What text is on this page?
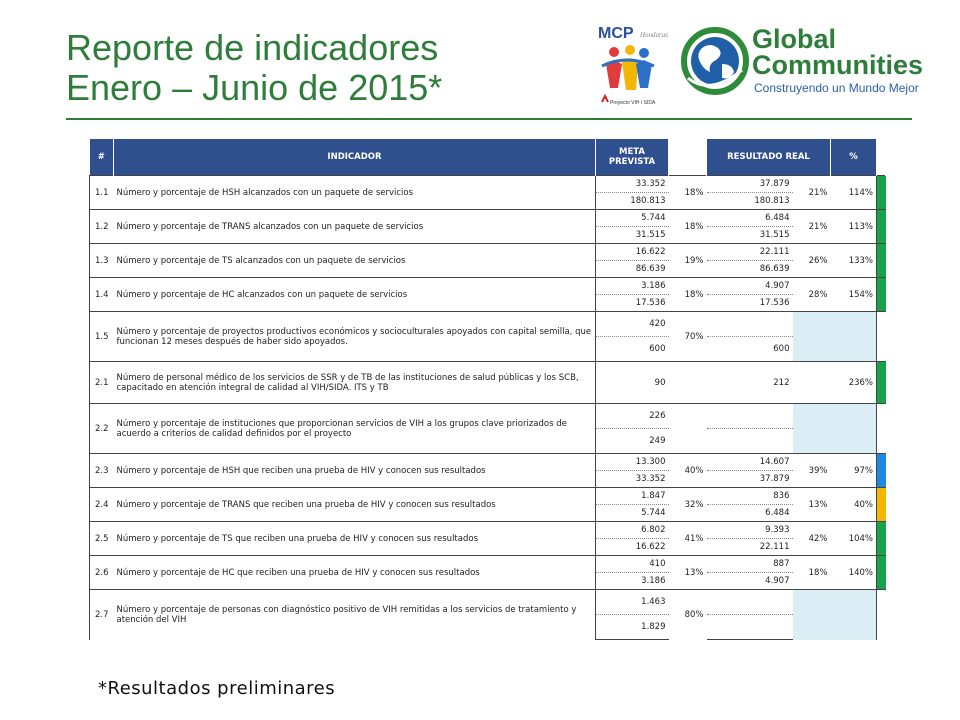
Reporte de indicadores
Enero – Junio de 2015*
MCP Honduras
Proyecto VIH / SIDA
Global
Communities
Construyendo un Mundo Mejor
#	INDICADOR	META PREVISTA		RESULTADO REAL		%	
1.1	Número y porcentaje de HSH alcanzados con un paquete de servicios	33.352	18%	37.879	21%	114%	
		180.813		180.813			
1.2	Número y porcentaje de TRANS alcanzados con un paquete de servicios	5.744	18%	6.484	21%	113%	
		31.515		31.515			
1.3	Número y porcentaje de TS alcanzados con un paquete de servicios	16.622	19%	22.111	26%	133%	
		86.639		86.639			
1.4	Número y porcentaje de HC alcanzados con un paquete de servicios	3.186	18%	4.907	28%	154%	
		17.536		17.536			
1.5	Número y porcentaje de proyectos productivos económicos y socioculturales apoyados con capital semilla, que funcionan 12 meses después de haber sido apoyados.	420	70%				
		600		600			
2.1	Número de personal médico de los servicios de SSR y de TB de las instituciones de salud públicas y los SCB, capacitado en atención integral de calidad al VIH/SIDA. ITS y TB	90		212		236%	
2.2	Número y porcentaje de instituciones que proporcionan servicios de VIH a los grupos clave priorizados de acuerdo a criterios de calidad definidos por el proyecto	226					
		249					
2.3	Número y porcentaje de HSH que reciben una prueba de HIV y conocen sus resultados	13.300	40%	14.607	39%	97%	
		33.352		37.879			
2.4	Número y porcentaje de TRANS que reciben una prueba de HIV y conocen sus resultados	1.847	32%	836	13%	40%	
		5.744		6.484			
2.5	Número y porcentaje de TS que reciben una prueba de HIV y conocen sus resultados	6.802	41%	9.393	42%	104%	
		16.622		22.111			
2.6	Número y porcentaje de HC que reciben una prueba de HIV y conocen sus resultados	410	13%	887	18%	140%	
		3.186		4.907			
2.7	Número y porcentaje de personas con diagnóstico positivo de VIH remitidas a los servicios de tratamiento y atención del VIH	1.463	80%				
		1.829					
*Resultados preliminares
